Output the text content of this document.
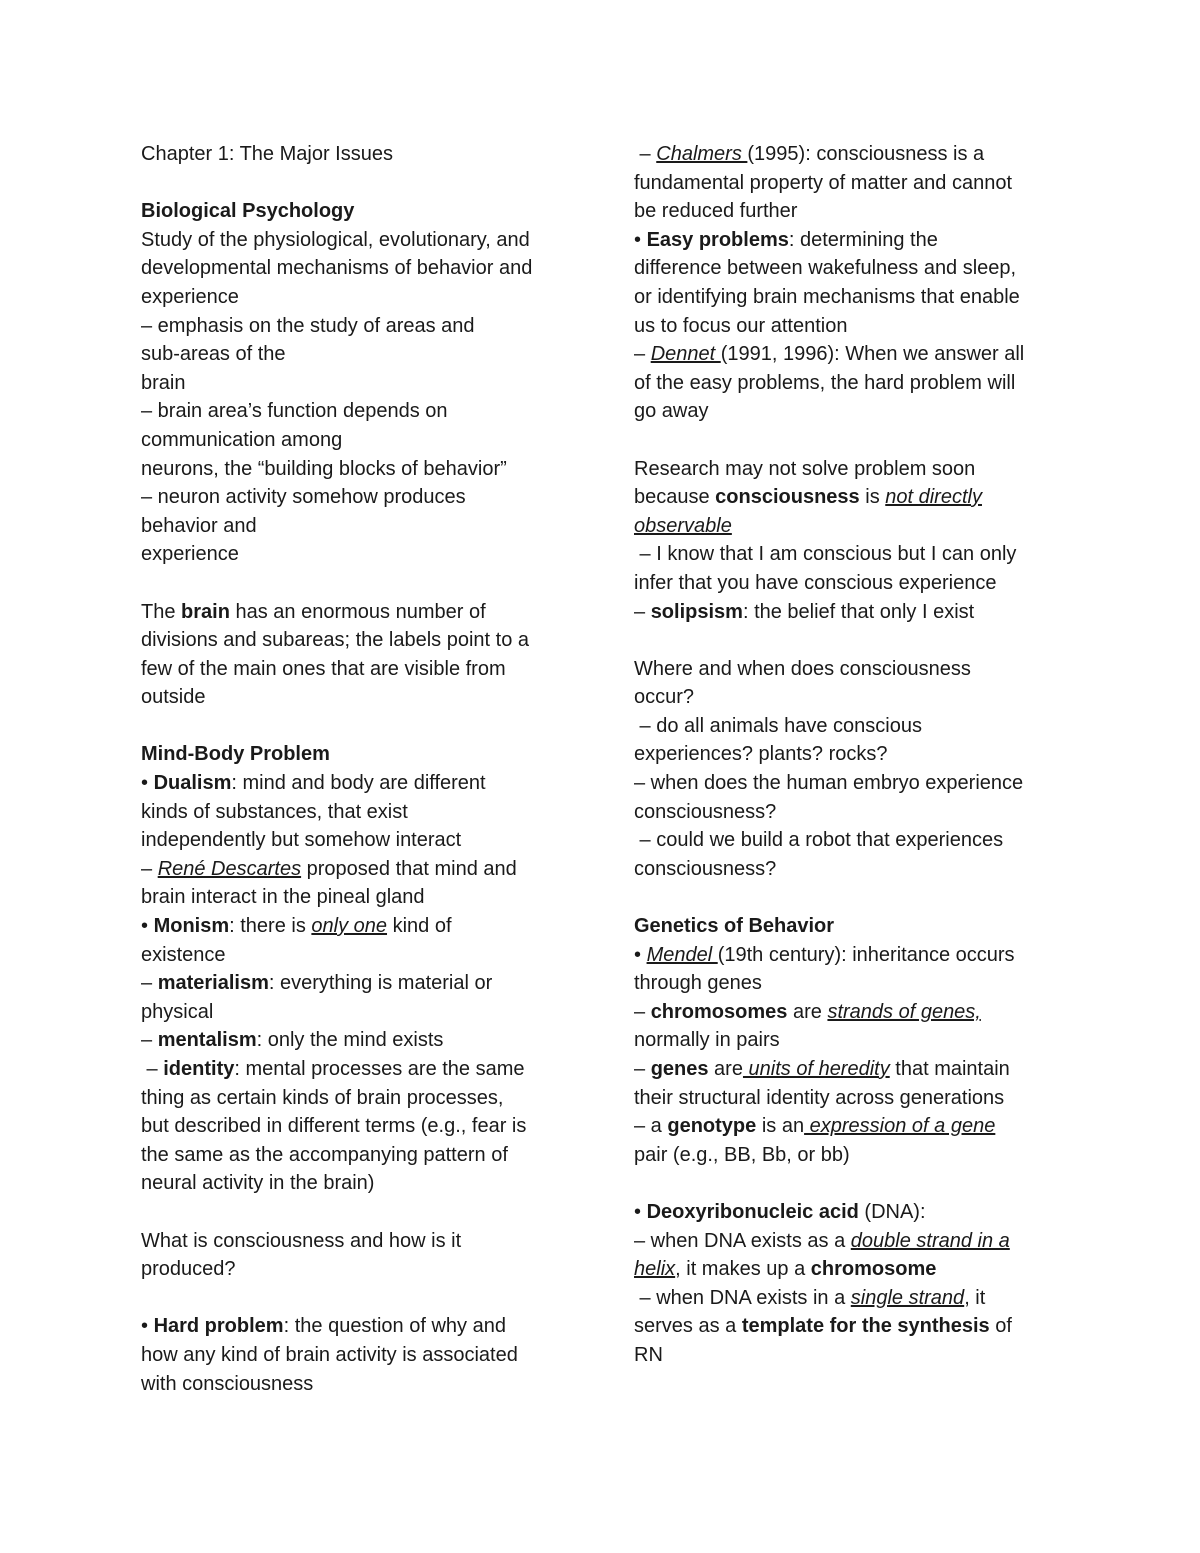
Chapter 1: The Major Issues
Biological Psychology
Study of the physiological, evolutionary, and
developmental mechanisms of behavior and
experience
– emphasis on the study of areas and
sub-areas of the
brain
– brain area’s function depends on
communication among
neurons, the “building blocks of behavior”
– neuron activity somehow produces
behavior and
experience
The brain has an enormous number of
divisions and subareas; the labels point to a
few of the main ones that are visible from
outside
Mind-Body Problem
• Dualism: mind and body are different
kinds of substances, that exist
independently but somehow interact
– René Descartes proposed that mind and
brain interact in the pineal gland
• Monism: there is only one kind of
existence
– materialism: everything is material or
physical
– mentalism: only the mind exists
– identity: mental processes are the same
thing as certain kinds of brain processes,
but described in different terms (e.g., fear is
the same as the accompanying pattern of
neural activity in the brain)
What is consciousness and how is it
produced?
• Hard problem: the question of why and
how any kind of brain activity is associated
with consciousness
– Chalmers (1995): consciousness is a
fundamental property of matter and cannot
be reduced further
• Easy problems: determining the
difference between wakefulness and sleep,
or identifying brain mechanisms that enable
us to focus our attention
– Dennet (1991, 1996): When we answer all
of the easy problems, the hard problem will
go away
Research may not solve problem soon
because consciousness is not directly
observable
– I know that I am conscious but I can only
infer that you have conscious experience
– solipsism: the belief that only I exist
Where and when does consciousness
occur?
– do all animals have conscious
experiences? plants? rocks?
– when does the human embryo experience
consciousness?
– could we build a robot that experiences
consciousness?
Genetics of Behavior
• Mendel (19th century): inheritance occurs
through genes
– chromosomes are strands of genes,
normally in pairs
– genes are units of heredity that maintain
their structural identity across generations
– a genotype is an expression of a gene
pair (e.g., BB, Bb, or bb)
• Deoxyribonucleic acid (DNA):
– when DNA exists as a double strand in a
helix, it makes up a chromosome
– when DNA exists in a single strand, it
serves as a template for the synthesis of
RN
